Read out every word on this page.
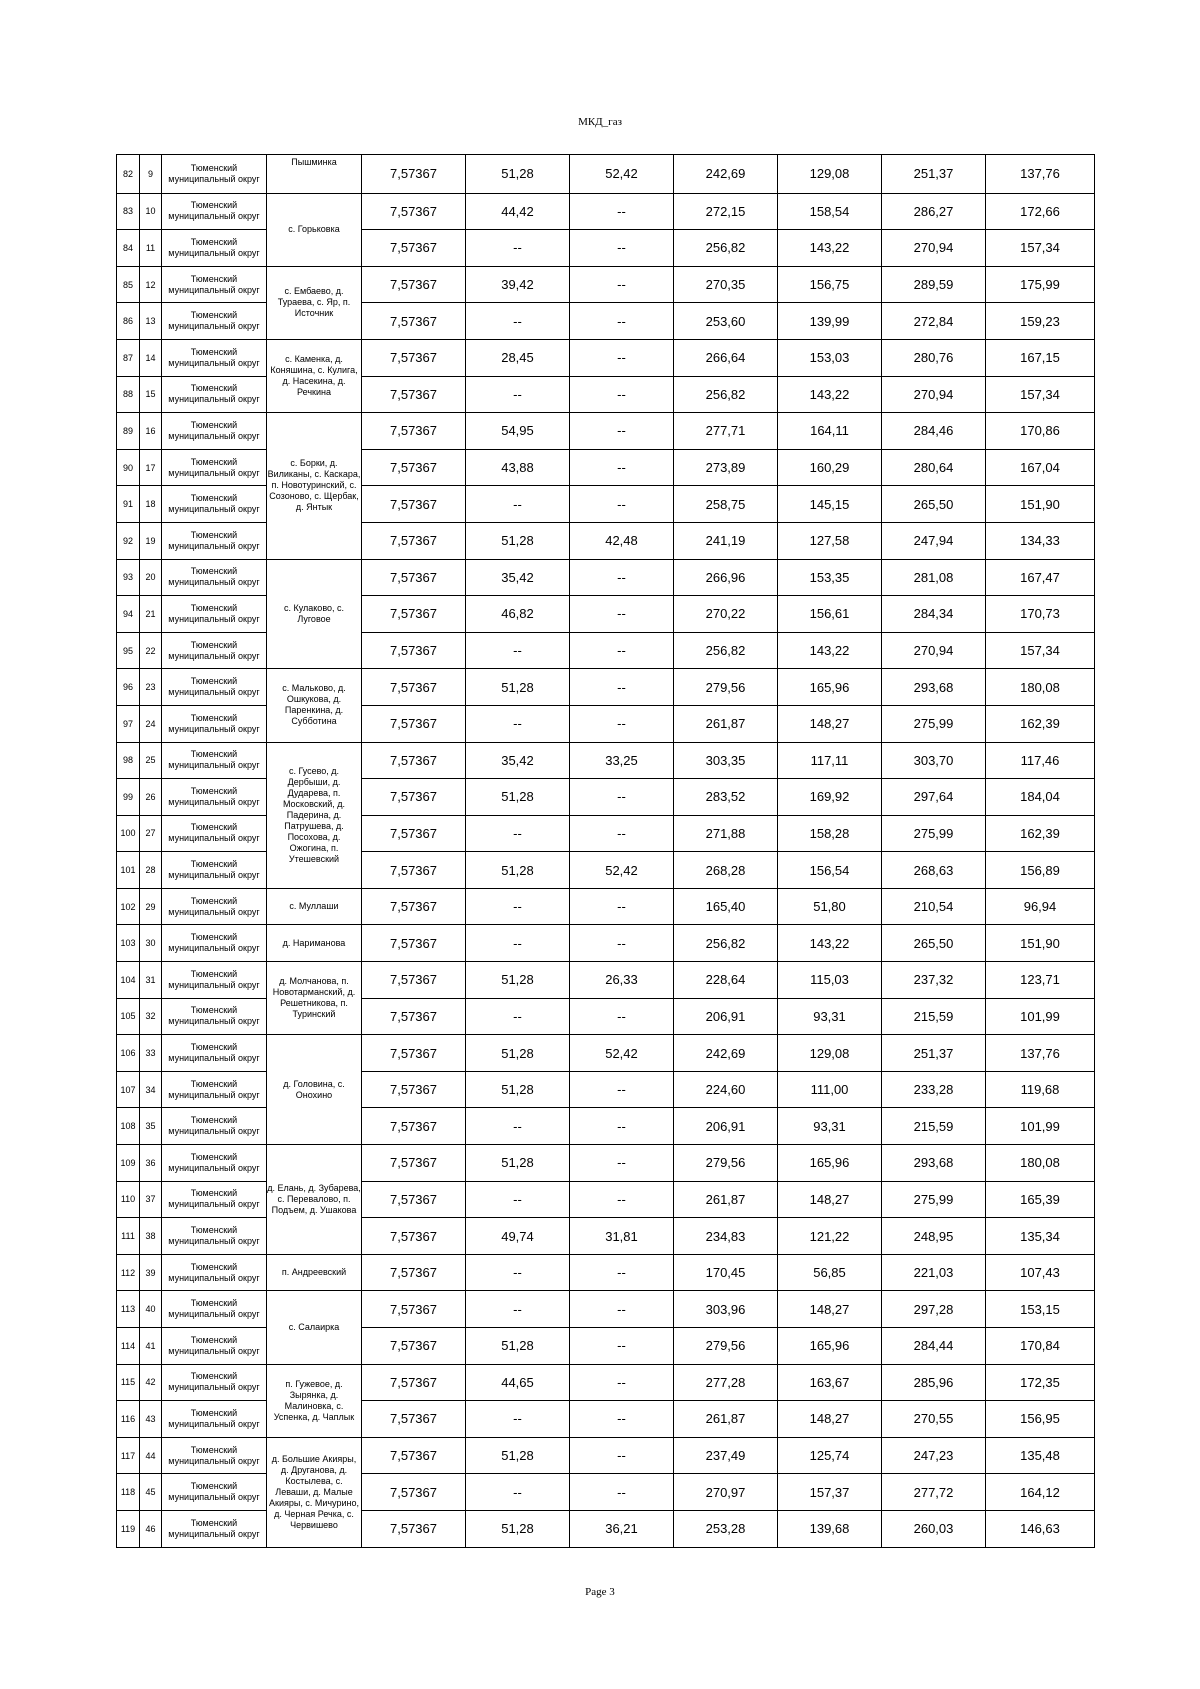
МКД_газ
82	9	Тюменский муниципальный округ	Пышминка	7,57367	51,28	52,42	242,69	129,08	251,37	137,76
83	10	Тюменский муниципальный округ	с. Горьковка	7,57367	44,42	--	272,15	158,54	286,27	172,66
84	11	Тюменский муниципальный округ		7,57367	--	--	256,82	143,22	270,94	157,34
85	12	Тюменский муниципальный округ	с. Ембаево, д. Тураева, с. Яр, п. Источник	7,57367	39,42	--	270,35	156,75	289,59	175,99
86	13	Тюменский муниципальный округ		7,57367	--	--	253,60	139,99	272,84	159,23
87	14	Тюменский муниципальный округ	с. Каменка, д. Коняшина, с. Кулига, д. Насекина, д. Речкина	7,57367	28,45	--	266,64	153,03	280,76	167,15
88	15	Тюменский муниципальный округ		7,57367	--	--	256,82	143,22	270,94	157,34
89	16	Тюменский муниципальный округ	с. Борки, д. Виликаны, с. Каскара, п. Новотуринский, с. Созоново, с. Щербак, д. Янтык	7,57367	54,95	--	277,71	164,11	284,46	170,86
90	17	Тюменский муниципальный округ		7,57367	43,88	--	273,89	160,29	280,64	167,04
91	18	Тюменский муниципальный округ		7,57367	--	--	258,75	145,15	265,50	151,90
92	19	Тюменский муниципальный округ		7,57367	51,28	42,48	241,19	127,58	247,94	134,33
93	20	Тюменский муниципальный округ	с. Кулаково, с. Луговое	7,57367	35,42	--	266,96	153,35	281,08	167,47
94	21	Тюменский муниципальный округ		7,57367	46,82	--	270,22	156,61	284,34	170,73
95	22	Тюменский муниципальный округ		7,57367	--	--	256,82	143,22	270,94	157,34
96	23	Тюменский муниципальный округ	с. Мальково, д. Ошкукова, д. Паренкина, д. Субботина	7,57367	51,28	--	279,56	165,96	293,68	180,08
97	24	Тюменский муниципальный округ		7,57367	--	--	261,87	148,27	275,99	162,39
98	25	Тюменский муниципальный округ	с. Гусево, д. Дербыши, д. Дударева, п. Московский, д. Падерина, д. Патрушева, д. Посохова, д. Ожогина, п. Утешевский	7,57367	35,42	33,25	303,35	117,11	303,70	117,46
99	26	Тюменский муниципальный округ		7,57367	51,28	--	283,52	169,92	297,64	184,04
100	27	Тюменский муниципальный округ		7,57367	--	--	271,88	158,28	275,99	162,39
101	28	Тюменский муниципальный округ		7,57367	51,28	52,42	268,28	156,54	268,63	156,89
102	29	Тюменский муниципальный округ	с. Муллаши	7,57367	--	--	165,40	51,80	210,54	96,94
103	30	Тюменский муниципальный округ	д. Нариманова	7,57367	--	--	256,82	143,22	265,50	151,90
104	31	Тюменский муниципальный округ	д. Молчанова, п. Новотарманский, д. Решетникова, п. Туринский	7,57367	51,28	26,33	228,64	115,03	237,32	123,71
105	32	Тюменский муниципальный округ		7,57367	--	--	206,91	93,31	215,59	101,99
106	33	Тюменский муниципальный округ	д. Головина, с. Онохино	7,57367	51,28	52,42	242,69	129,08	251,37	137,76
107	34	Тюменский муниципальный округ		7,57367	51,28	--	224,60	111,00	233,28	119,68
108	35	Тюменский муниципальный округ		7,57367	--	--	206,91	93,31	215,59	101,99
109	36	Тюменский муниципальный округ	д. Елань, д. Зубарева, с. Перевалово, п. Подъем, д. Ушакова	7,57367	51,28	--	279,56	165,96	293,68	180,08
110	37	Тюменский муниципальный округ		7,57367	--	--	261,87	148,27	275,99	165,39
111	38	Тюменский муниципальный округ		7,57367	49,74	31,81	234,83	121,22	248,95	135,34
112	39	Тюменский муниципальный округ	п. Андреевский	7,57367	--	--	170,45	56,85	221,03	107,43
113	40	Тюменский муниципальный округ	с. Салаирка	7,57367	--	--	303,96	148,27	297,28	153,15
114	41	Тюменский муниципальный округ		7,57367	51,28	--	279,56	165,96	284,44	170,84
115	42	Тюменский муниципальный округ	п. Гужевое, д. Зырянка, д. Малиновка, с. Успенка, д. Чаплык	7,57367	44,65	--	277,28	163,67	285,96	172,35
116	43	Тюменский муниципальный округ		7,57367	--	--	261,87	148,27	270,55	156,95
117	44	Тюменский муниципальный округ	д. Большие Акияры, д. Друганова, д. Костылева, с. Леваши, д. Малые Акияры, с. Мичурино, д. Черная Речка, с. Червишево	7,57367	51,28	--	237,49	125,74	247,23	135,48
118	45	Тюменский муниципальный округ		7,57367	--	--	270,97	157,37	277,72	164,12
119	46	Тюменский муниципальный округ		7,57367	51,28	36,21	253,28	139,68	260,03	146,63
Page 3
